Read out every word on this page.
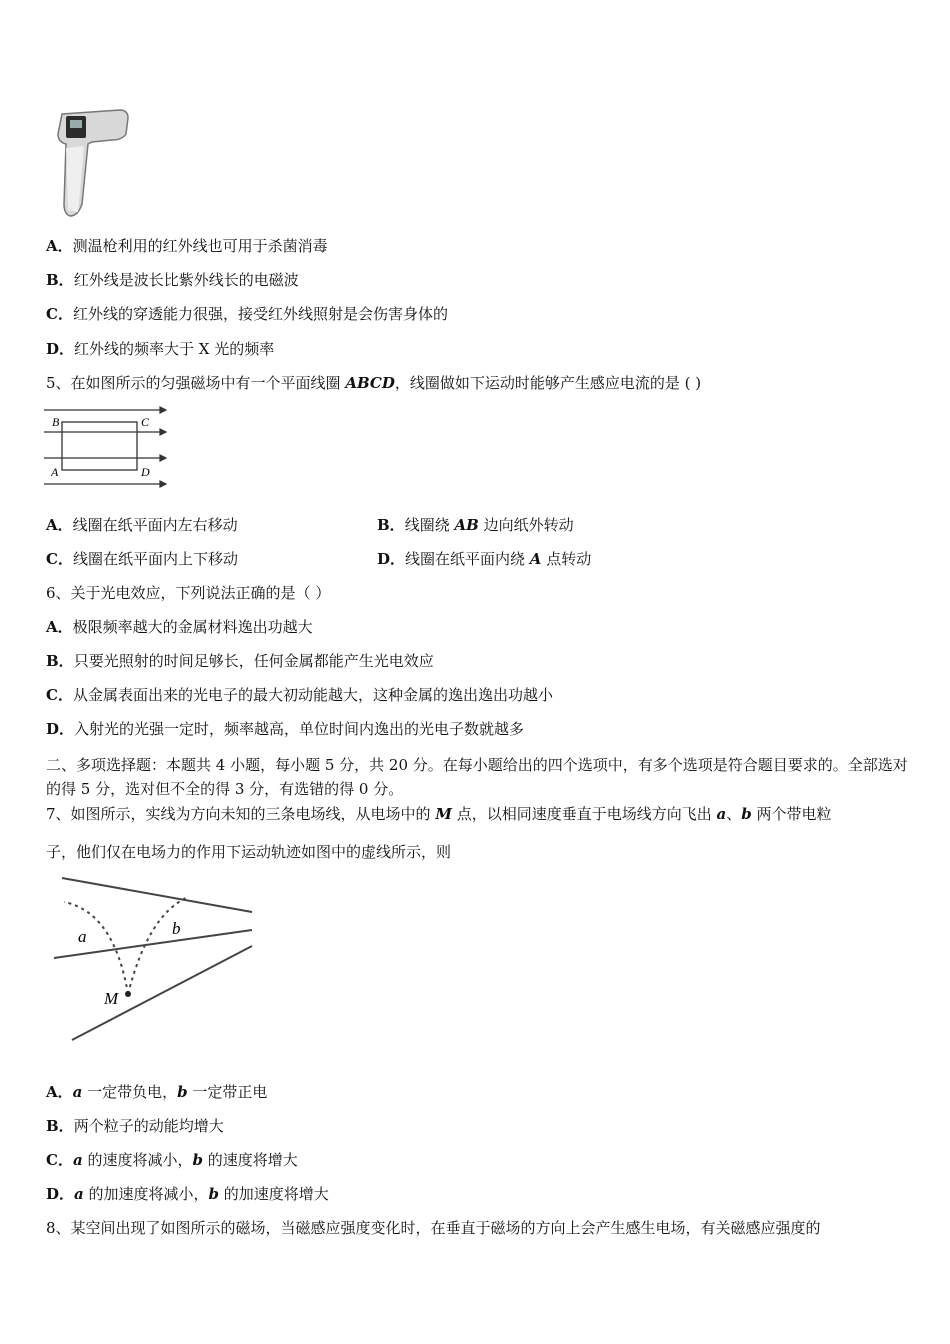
A．测温枪利用的红外线也可用于杀菌消毒
B．红外线是波长比紫外线长的电磁波
C．红外线的穿透能力很强，接受红外线照射是会伤害身体的
D．红外线的频率大于 X 光的频率
5、在如图所示的匀强磁场中有一个平面线圈 ABCD，线圈做如下运动时能够产生感应电流的是 ( )
B	C
A	D
A．线圈在纸平面内左右移动	B．线圈绕 AB 边向纸外转动
C．线圈在纸平面内上下移动	D．线圈在纸平面内绕 A 点转动
6、关于光电效应，下列说法正确的是（ ）
A．极限频率越大的金属材料逸出功越大
B．只要光照射的时间足够长，任何金属都能产生光电效应
C．从金属表面出来的光电子的最大初动能越大，这种金属的逸出逸出功越小
D．入射光的光强一定时，频率越高，单位时间内逸出的光电子数就越多
二、多项选择题：本题共 4 小题，每小题 5 分，共 20 分。在每小题给出的四个选项中，有多个选项是符合题目要求的。全部选对的得 5 分，选对但不全的得 3 分，有选错的得 0 分。
7、如图所示，实线为方向未知的三条电场线，从电场中的 M 点，以相同速度垂直于电场线方向飞出 a、b 两个带电粒
子，他们仅在电场力的作用下运动轨迹如图中的虚线所示，则
a	b
M
A．a 一定带负电，b 一定带正电
B．两个粒子的动能均增大
C．a 的速度将减小，b 的速度将增大
D．a 的加速度将减小，b 的加速度将增大
8、某空间出现了如图所示的磁场，当磁感应强度变化时，在垂直于磁场的方向上会产生感生电场，有关磁感应强度的
